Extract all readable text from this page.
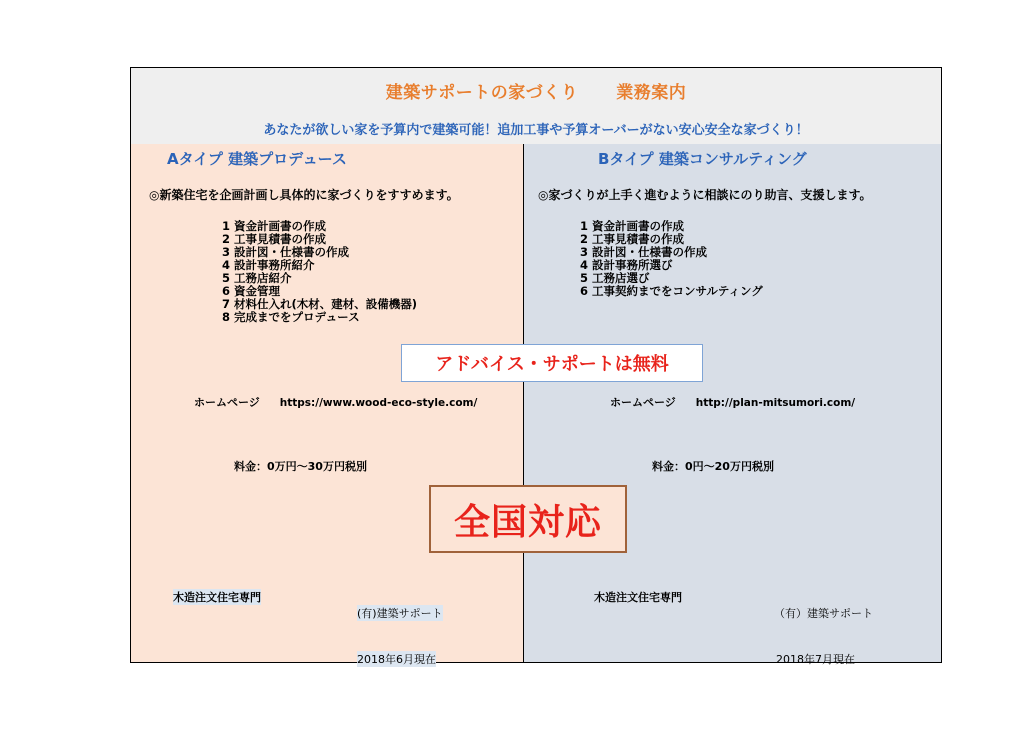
建築サポートの家づくり 業務案内
あなたが欲しい家を予算内で建築可能！追加工事や予算オーバーがない安心安全な家づくり！
Aタイプ 建築プロデュース
◎新築住宅を企画計画し具体的に家づくりをすすめます。
1 資金計画書の作成
2 工事見積書の作成
3 設計図・仕様書の作成
4 設計事務所紹介
5 工務店紹介
6 資金管理
7 材料仕入れ(木材、建材、設備機器)
8 完成までをプロデュース
ホームページ https://www.wood-eco-style.com/
料金：0万円～30万円税別
木造注文住宅専門
(有)建築サポート
2018年6月現在
Bタイプ 建築コンサルティング
◎家づくりが上手く進むように相談にのり助言、支援します。
1 資金計画書の作成
2 工事見積書の作成
3 設計図・仕様書の作成
4 設計事務所選び
5 工務店選び
6 工事契約までをコンサルティング
ホームページ http://plan-mitsumori.com/
料金：0円～20万円税別
木造注文住宅専門
（有）建築サポート
2018年7月現在
アドバイス・サポートは無料
全国対応
